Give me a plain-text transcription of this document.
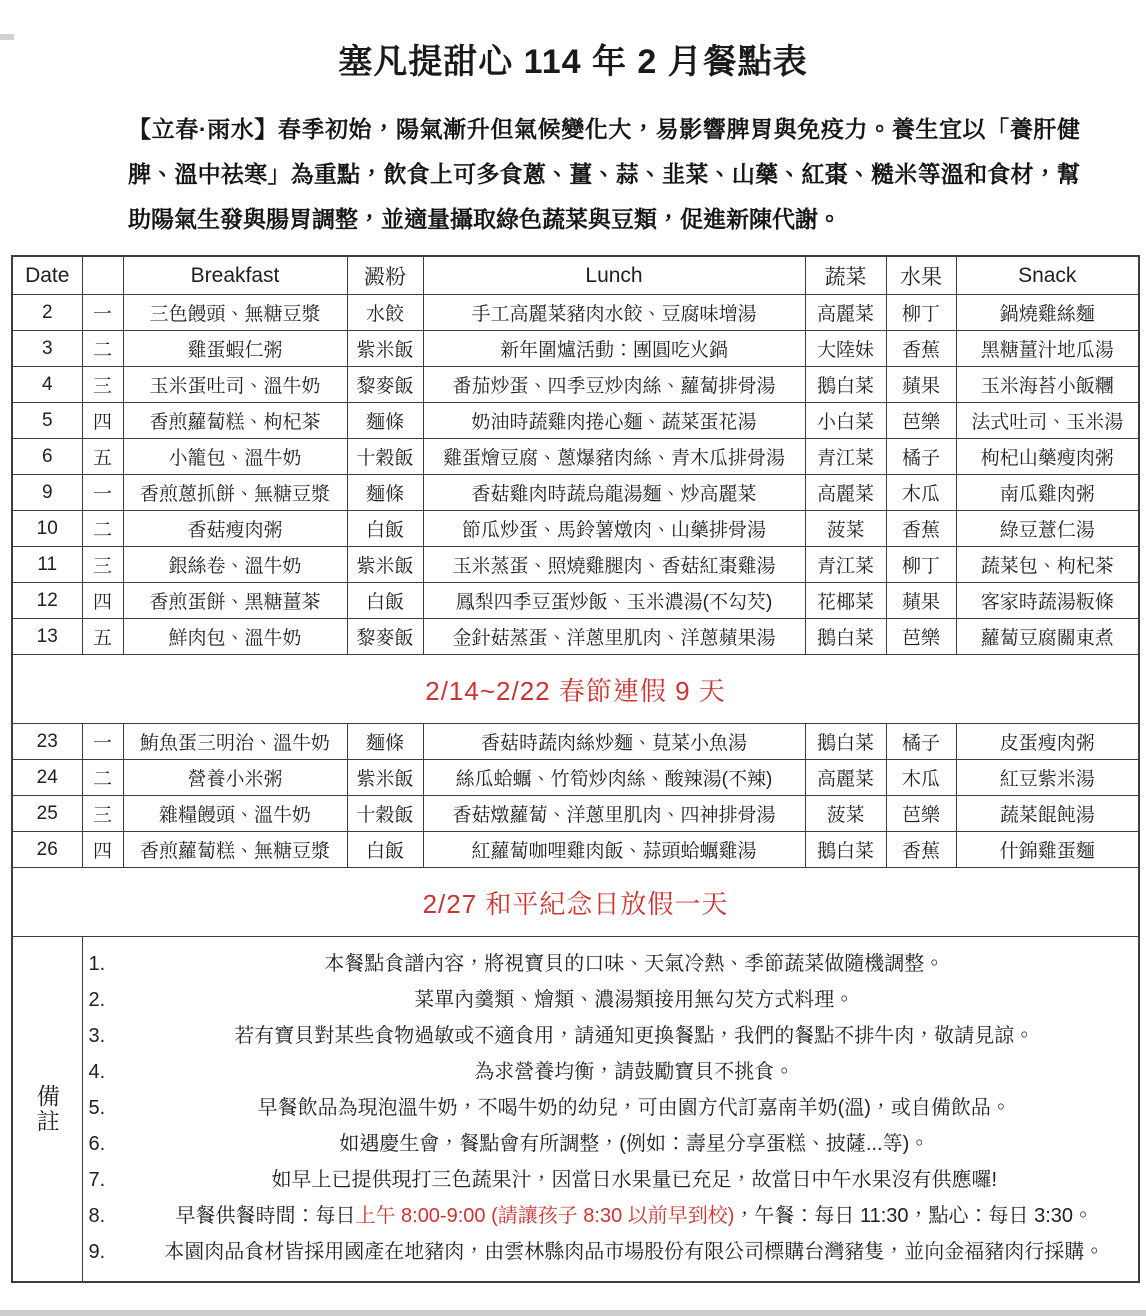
塞凡提甜心 114 年 2 月餐點表

【立春·雨水】春季初始，陽氣漸升但氣候變化大，易影響脾胃與免疫力。養生宜以「養肝健脾、溫中祛寒」為重點，飲食上可多食蔥、薑、蒜、韭菜、山藥、紅棗、糙米等溫和食材，幫助陽氣生發與腸胃調整，並適量攝取綠色蔬菜與豆類，促進新陳代謝。

Date		Breakfast	澱粉	Lunch	蔬菜	水果	Snack
2	一	三色饅頭、無糖豆漿	水餃	手工高麗菜豬肉水餃、豆腐味增湯	高麗菜	柳丁	鍋燒雞絲麵
3	二	雞蛋蝦仁粥	紫米飯	新年圍爐活動：團圓吃火鍋	大陸妹	香蕉	黑糖薑汁地瓜湯
4	三	玉米蛋吐司、溫牛奶	黎麥飯	番茄炒蛋、四季豆炒肉絲、蘿蔔排骨湯	鵝白菜	蘋果	玉米海苔小飯糰
5	四	香煎蘿蔔糕、枸杞茶	麵條	奶油時蔬雞肉捲心麵、蔬菜蛋花湯	小白菜	芭樂	法式吐司、玉米湯
6	五	小籠包、溫牛奶	十穀飯	雞蛋燴豆腐、蔥爆豬肉絲、青木瓜排骨湯	青江菜	橘子	枸杞山藥瘦肉粥
9	一	香煎蔥抓餅、無糖豆漿	麵條	香菇雞肉時蔬烏龍湯麵、炒高麗菜	高麗菜	木瓜	南瓜雞肉粥
10	二	香菇瘦肉粥	白飯	節瓜炒蛋、馬鈴薯燉肉、山藥排骨湯	菠菜	香蕉	綠豆薏仁湯
11	三	銀絲卷、溫牛奶	紫米飯	玉米蒸蛋、照燒雞腿肉、香菇紅棗雞湯	青江菜	柳丁	蔬菜包、枸杞茶
12	四	香煎蛋餅、黑糖薑茶	白飯	鳳梨四季豆蛋炒飯、玉米濃湯(不勾芡)	花椰菜	蘋果	客家時蔬湯粄條
13	五	鮮肉包、溫牛奶	黎麥飯	金針菇蒸蛋、洋蔥里肌肉、洋蔥蘋果湯	鵝白菜	芭樂	蘿蔔豆腐關東煮
2/14~2/22 春節連假 9 天							
23	一	鮪魚蛋三明治、溫牛奶	麵條	香菇時蔬肉絲炒麵、莧菜小魚湯	鵝白菜	橘子	皮蛋瘦肉粥
24	二	營養小米粥	紫米飯	絲瓜蛤蠣、竹筍炒肉絲、酸辣湯(不辣)	高麗菜	木瓜	紅豆紫米湯
25	三	雜糧饅頭、溫牛奶	十穀飯	香菇燉蘿蔔、洋蔥里肌肉、四神排骨湯	菠菜	芭樂	蔬菜餛飩湯
26	四	香煎蘿蔔糕、無糖豆漿	白飯	紅蘿蔔咖哩雞肉飯、蒜頭蛤蠣雞湯	鵝白菜	香蕉	什錦雞蛋麵
2/27 和平紀念日放假一天							
備註	
1.	本餐點食譜內容，將視寶貝的口味、天氣冷熱、季節蔬菜做隨機調整。
2.	菜單內羹類、燴類、濃湯類接用無勾芡方式料理。
3.	若有寶貝對某些食物過敏或不適食用，請通知更換餐點，我們的餐點不排牛肉，敬請見諒。
4.	為求營養均衡，請鼓勵寶貝不挑食。
5.	早餐飲品為現泡溫牛奶，不喝牛奶的幼兒，可由園方代訂嘉南羊奶(溫)，或自備飲品。
6.	如遇慶生會，餐點會有所調整，(例如：壽星分享蛋糕、披薩...等)。
7.	如早上已提供現打三色蔬果汁，因當日水果量已充足，故當日中午水果沒有供應囉!
8.	早餐供餐時間：每日上午 8:00-9:00 (請讓孩子 8:30 以前早到校)，午餐：每日 11:30，點心：每日 3:30。
9.	本園肉品食材皆採用國產在地豬肉，由雲林縣肉品市場股份有限公司標購台灣豬隻，並向金福豬肉行採購。
